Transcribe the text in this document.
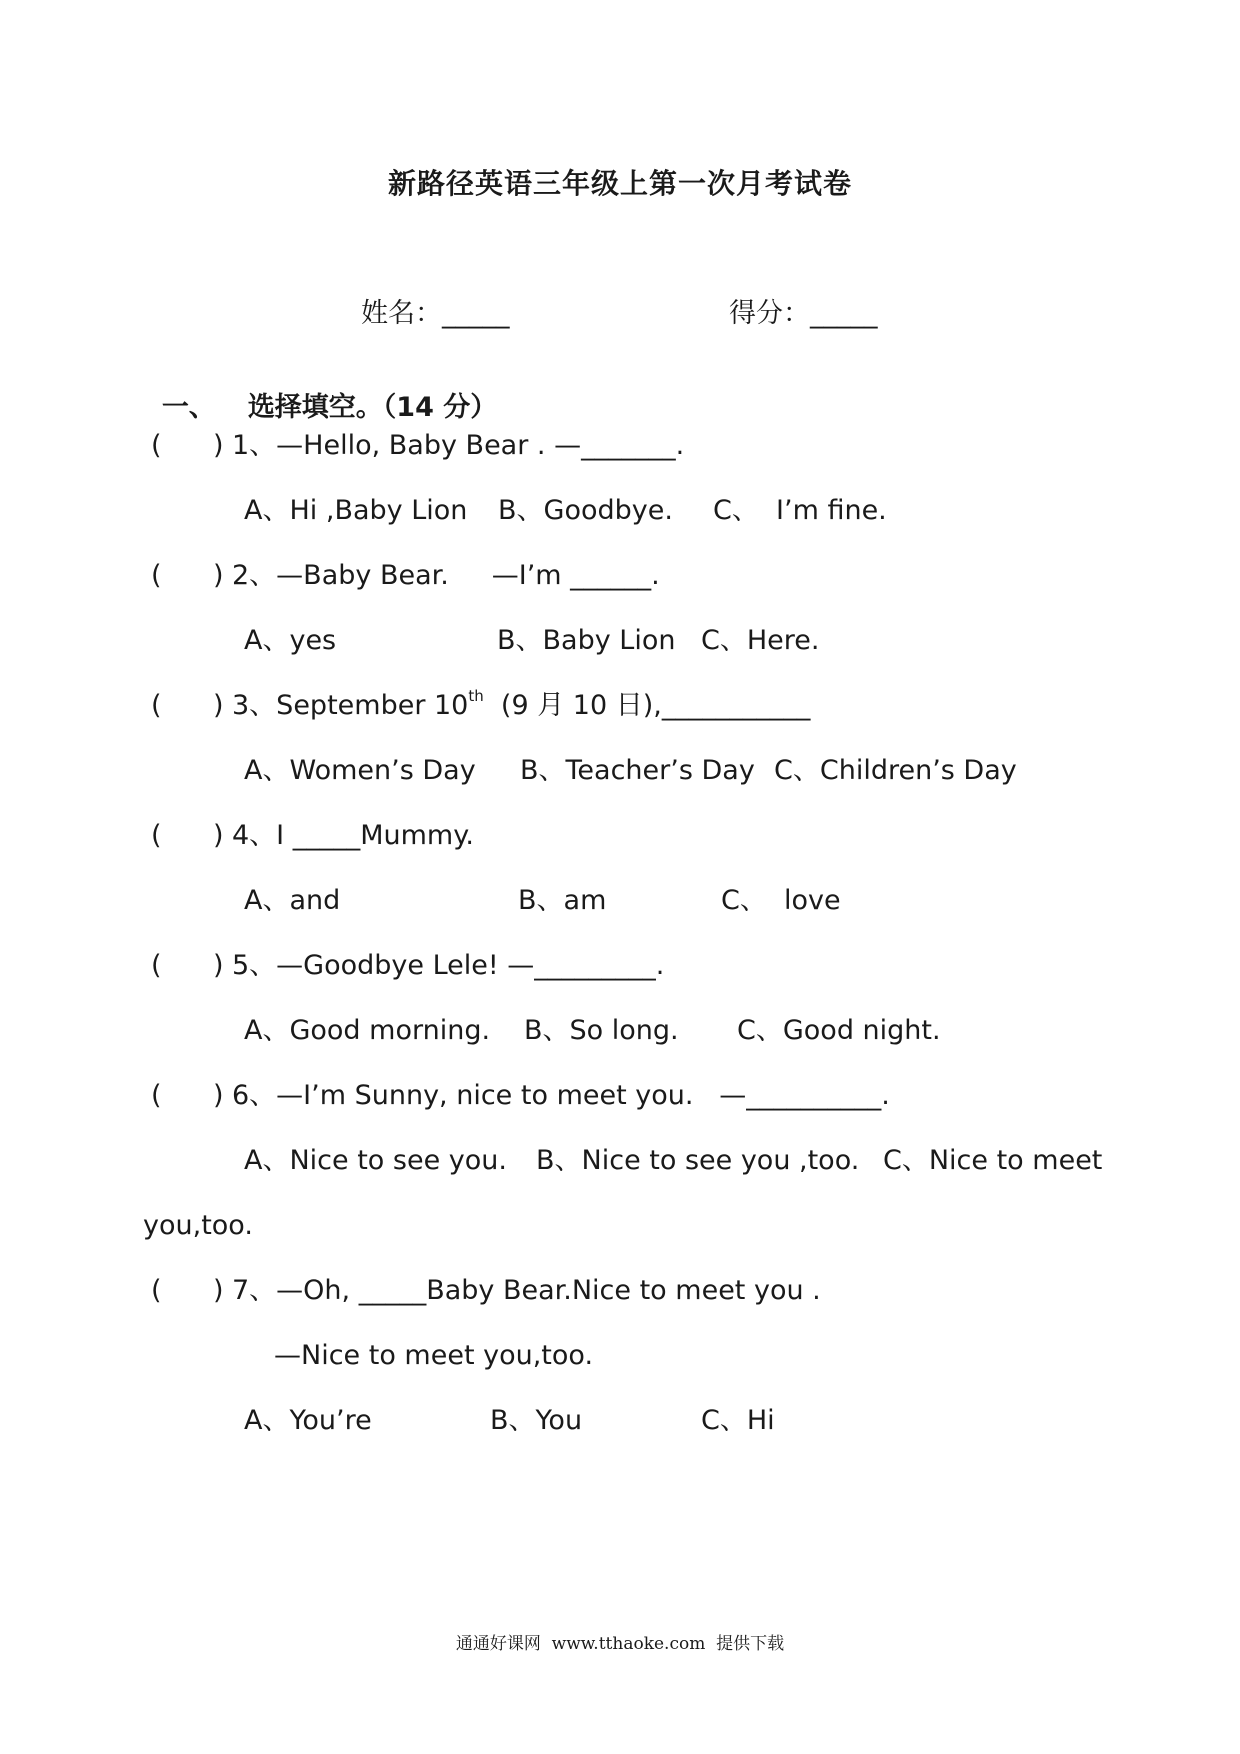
新路径英语三年级上第一次月考试卷
姓名：_____	得分：_____

一、 选择填空。（14 分）

(      ) 1、—Hello, Baby Bear . —_______.
A、Hi ,Baby Lion B、Goodbye. C、  I’m fine.
(      ) 2、—Baby Bear.     —I’m ______.
A、yes	B、Baby Lion C、Here.
(      ) 3、September 10th  (9 月 10 日),___________
A、Women’s Day B、Teacher’s Day C、Children’s Day
(      ) 4、I _____Mummy.
A、and	B、am	C、  love
(      ) 5、—Goodbye Lele! —_________.
A、Good morning. B、So long. C、Good night.
(      ) 6、—I’m Sunny, nice to meet you.   —__________.
A、Nice to see you. B、Nice to see you ,too. C、Nice to meet
you,too.
(      ) 7、—Oh, _____Baby Bear.Nice to meet you .
—Nice to meet you,too.
A、You’re	B、You	C、Hi
通通好课网  www.tthaoke.com  提供下载
